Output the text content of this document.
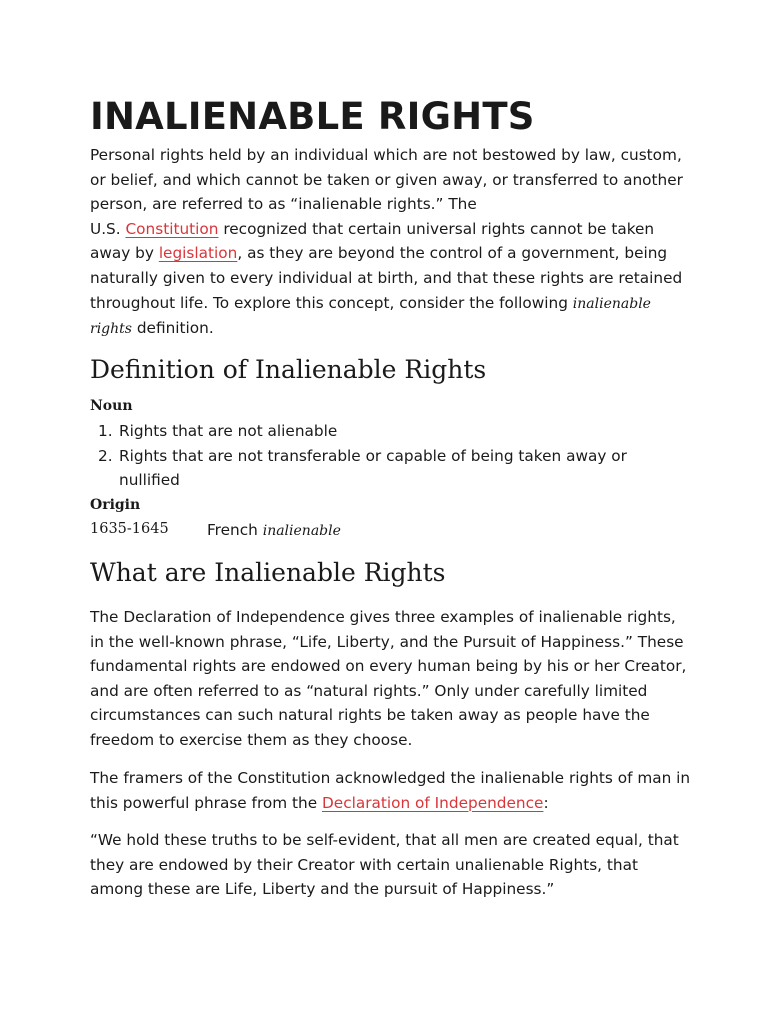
INALIENABLE RIGHTS

Personal rights held by an individual which are not bestowed by law, custom,
or belief, and which cannot be taken or given away, or transferred to another
person, are referred to as “inalienable rights.” The
U.S. Constitution recognized that certain universal rights cannot be taken
away by legislation, as they are beyond the control of a government, being
naturally given to every individual at birth, and that these rights are retained
throughout life. To explore this concept, consider the following inalienable
rights definition.

Definition of Inalienable Rights
Noun
1. Rights that are not alienable
2. Rights that are not transferable or capable of being taken away or
nullified
Origin
1635-1645	French inalienable
What are Inalienable Rights

The Declaration of Independence gives three examples of inalienable rights,
in the well-known phrase, “Life, Liberty, and the Pursuit of Happiness.” These
fundamental rights are endowed on every human being by his or her Creator,
and are often referred to as “natural rights.” Only under carefully limited
circumstances can such natural rights be taken away as people have the
freedom to exercise them as they choose.

The framers of the Constitution acknowledged the inalienable rights of man in
this powerful phrase from the Declaration of Independence:

“We hold these truths to be self-evident, that all men are created equal, that
they are endowed by their Creator with certain unalienable Rights, that
among these are Life, Liberty and the pursuit of Happiness.”
